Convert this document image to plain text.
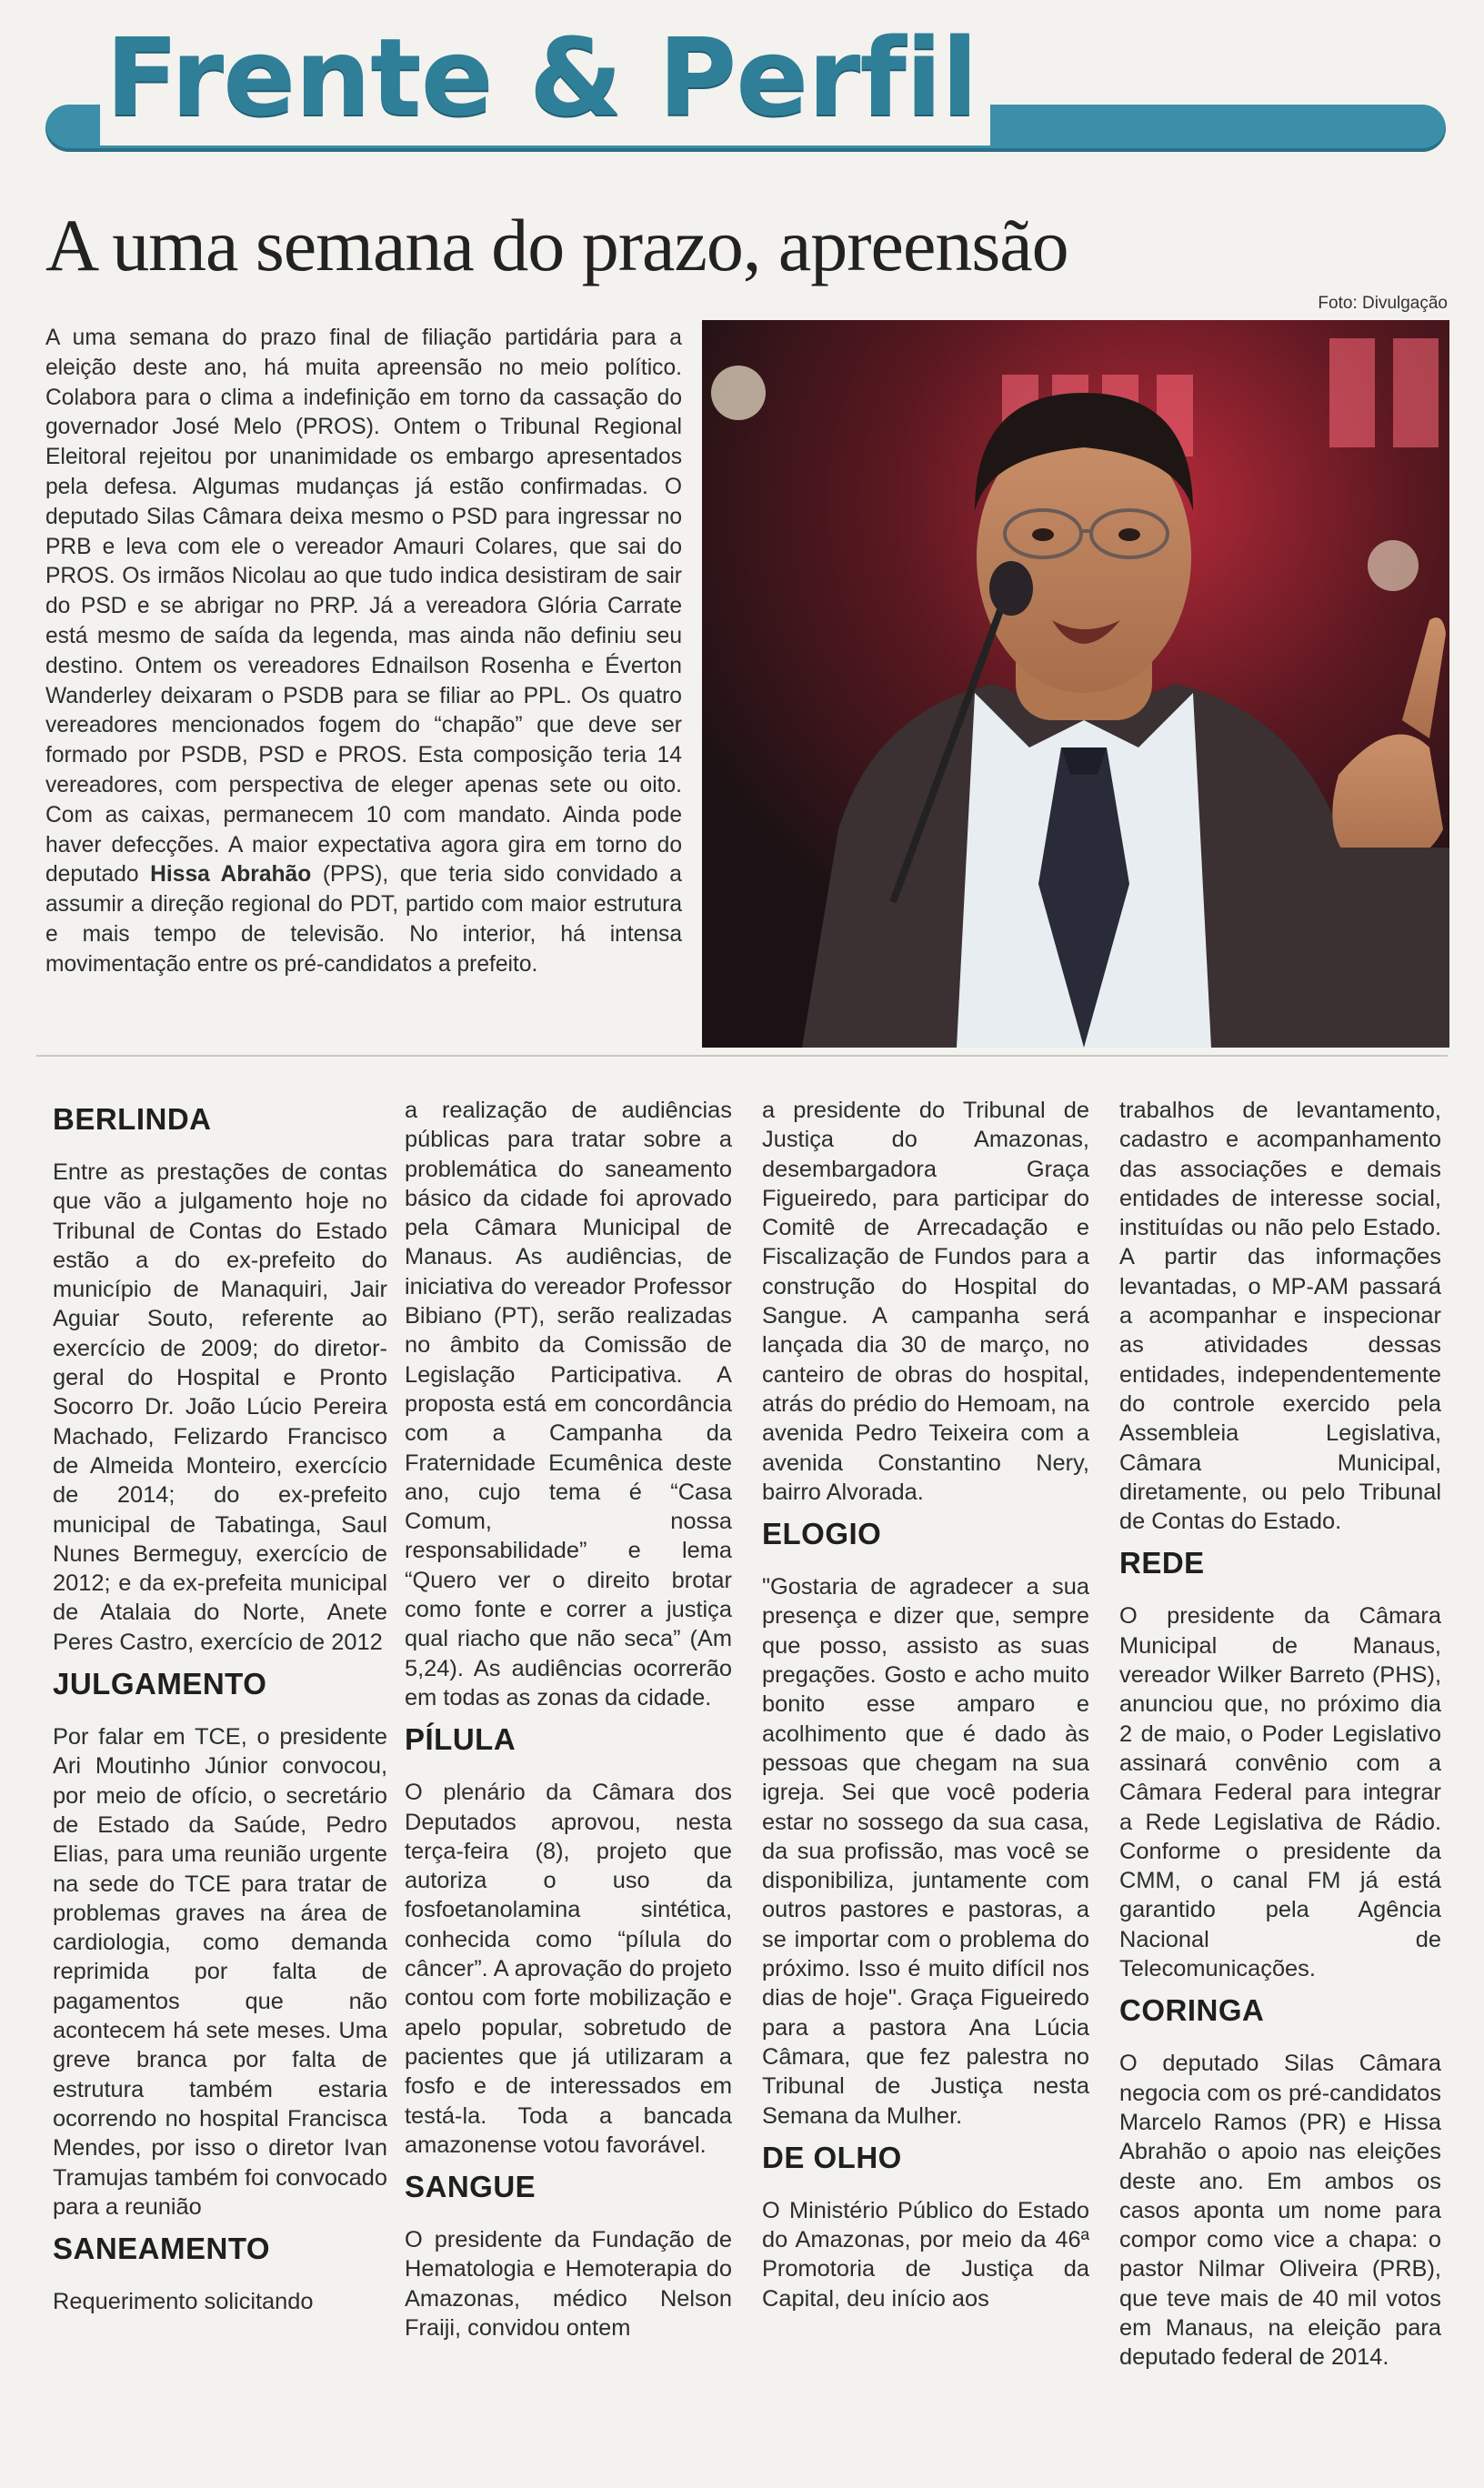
Frente & Perfil
A uma semana do prazo, apreensão
Foto: Divulgação

A uma semana do prazo final de filiação partidária para a eleição deste ano, há muita apreensão no meio político. Colabora para o clima a indefinição em torno da cassação do governador José Melo (PROS). Ontem o Tribunal Regional Eleitoral rejeitou por unanimidade os embargo apresentados pela defesa. Algumas mudanças já estão confirmadas. O deputado Silas Câmara deixa mesmo o PSD para ingressar no PRB e leva com ele o vereador Amauri Colares, que sai do PROS. Os irmãos Nicolau ao que tudo indica desistiram de sair do PSD e se abrigar no PRP. Já a vereadora Glória Carrate está mesmo de saída da legenda, mas ainda não definiu seu destino. Ontem os vereadores Ednailson Rosenha e Éverton Wanderley deixaram o PSDB para se filiar ao PPL. Os quatro vereadores mencionados fogem do “chapão” que deve ser formado por PSDB, PSD e PROS. Esta composição teria 14 vereadores, com perspectiva de eleger apenas sete ou oito. Com as caixas, permanecem 10 com mandato. Ainda pode haver defecções. A maior expectativa agora gira em torno do deputado Hissa Abrahão (PPS), que teria sido convidado a assumir a direção regional do PDT, partido com maior estrutura e mais tempo de televisão. No interior, há intensa movimentação entre os pré-candidatos a prefeito.

BERLINDA

Entre as prestações de contas que vão a julgamento hoje no Tribunal de Contas do Estado estão a do ex-prefeito do município de Manaquiri, Jair Aguiar Souto, referente ao exercício de 2009; do diretor-geral do Hospital e Pronto Socorro Dr. João Lúcio Pereira Machado, Felizardo Francisco de Almeida Monteiro, exercício de 2014; do ex-prefeito municipal de Tabatinga, Saul Nunes Bermeguy, exercício de 2012; e da ex-prefeita municipal de Atalaia do Norte, Anete Peres Castro, exercício de 2012

JULGAMENTO

Por falar em TCE, o presidente Ari Moutinho Júnior convocou, por meio de ofício, o secretário de Estado da Saúde, Pedro Elias, para uma reunião urgente na sede do TCE para tratar de problemas graves na área de cardiologia, como demanda reprimida por falta de pagamentos que não acontecem há sete meses. Uma greve branca por falta de estrutura também estaria ocorrendo no hospital Francisca Mendes, por isso o diretor Ivan Tramujas também foi convocado para a reunião

SANEAMENTO

Requerimento solicitando

a realização de audiências públicas para tratar sobre a problemática do saneamento básico da cidade foi aprovado pela Câmara Municipal de Manaus. As audiências, de iniciativa do vereador Professor Bibiano (PT), serão realizadas no âmbito da Comissão de Legislação Participativa. A proposta está em concordância com a Campanha da Fraternidade Ecumênica deste ano, cujo tema é “Casa Comum, nossa responsabilidade” e lema “Quero ver o direito brotar como fonte e correr a justiça qual riacho que não seca” (Am 5,24). As audiências ocorrerão em todas as zonas da cidade.

PÍLULA

O plenário da Câmara dos Deputados aprovou, nesta terça-feira (8), projeto que autoriza o uso da fosfoetanolamina sintética, conhecida como “pílula do câncer”. A aprovação do projeto contou com forte mobilização e apelo popular, sobretudo de pacientes que já utilizaram a fosfo e de interessados em testá-la. Toda a bancada amazonense votou favorável.

SANGUE

O presidente da Fundação de Hematologia e Hemoterapia do Amazonas, médico Nelson Fraiji, convidou ontem

a presidente do Tribunal de Justiça do Amazonas, desembargadora Graça Figueiredo, para participar do Comitê de Arrecadação e Fiscalização de Fundos para a construção do Hospital do Sangue. A campanha será lançada dia 30 de março, no canteiro de obras do hospital, atrás do prédio do Hemoam, na avenida Pedro Teixeira com a avenida Constantino Nery, bairro Alvorada.

ELOGIO

"Gostaria de agradecer a sua presença e dizer que, sempre que posso, assisto as suas pregações. Gosto e acho muito bonito esse amparo e acolhimento que é dado às pessoas que chegam na sua igreja. Sei que você poderia estar no sossego da sua casa, da sua profissão, mas você se disponibiliza, juntamente com outros pastores e pastoras, a se importar com o problema do próximo. Isso é muito difícil nos dias de hoje". Graça Figueiredo para a pastora Ana Lúcia Câmara, que fez palestra no Tribunal de Justiça nesta Semana da Mulher.

DE OLHO

O Ministério Público do Estado do Amazonas, por meio da 46ª Promotoria de Justiça da Capital, deu início aos

trabalhos de levantamento, cadastro e acompanhamento das associações e demais entidades de interesse social, instituídas ou não pelo Estado. A partir das informações levantadas, o MP-AM passará a acompanhar e inspecionar as atividades dessas entidades, independentemente do controle exercido pela Assembleia Legislativa, Câmara Municipal, diretamente, ou pelo Tribunal de Contas do Estado.

REDE

O presidente da Câmara Municipal de Manaus, vereador Wilker Barreto (PHS), anunciou que, no próximo dia 2 de maio, o Poder Legislativo assinará convênio com a Câmara Federal para integrar a Rede Legislativa de Rádio. Conforme o presidente da CMM, o canal FM já está garantido pela Agência Nacional de Telecomunicações.

CORINGA

O deputado Silas Câmara negocia com os pré-candidatos Marcelo Ramos (PR) e Hissa Abrahão o apoio nas eleições deste ano. Em ambos os casos aponta um nome para compor como vice a chapa: o pastor Nilmar Oliveira (PRB), que teve mais de 40 mil votos em Manaus, na eleição para deputado federal de 2014.
